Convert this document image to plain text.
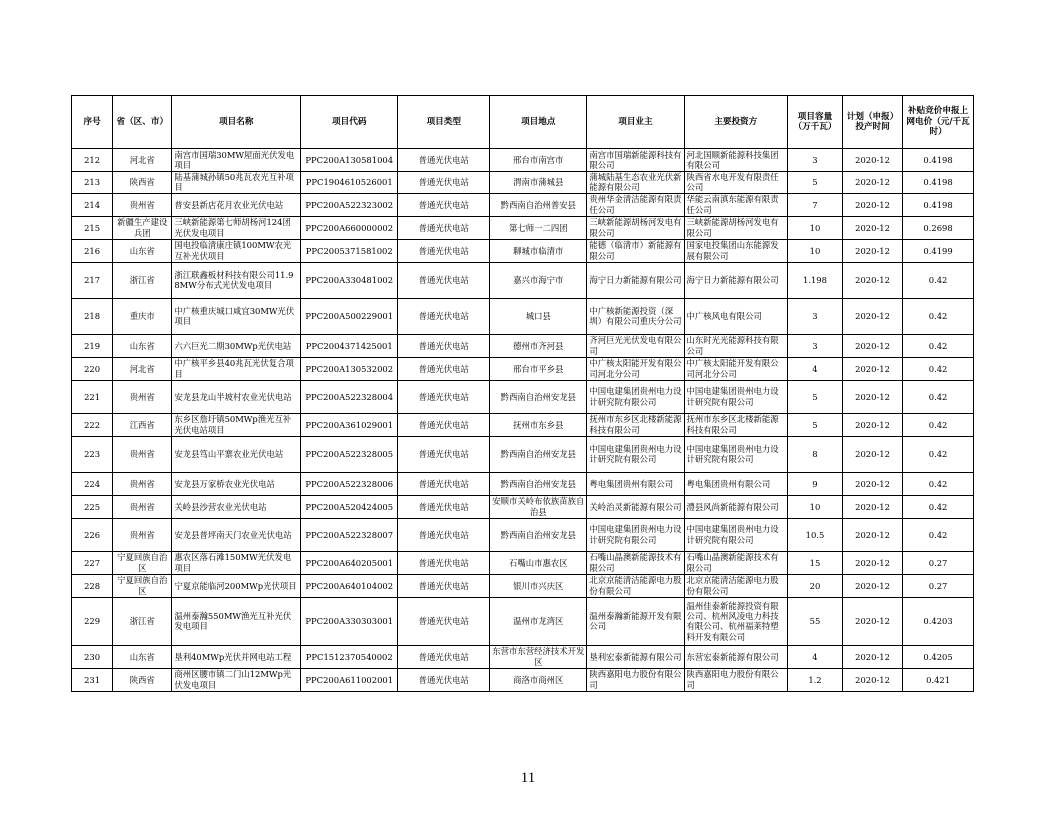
序号	省（区、市）	项目名称	项目代码	项目类型	项目地点	项目业主	主要投资方	项目容量（万千瓦）	计划（申报）投产时间	补贴竞价申报上网电价（元/千瓦时）
212	河北省	南宫市国瑞30MW屋面光伏发电项目	PPC200A130581004	普通光伏电站	邢台市南宫市	南宫市国瑞新能源科技有限公司	河北国顺新能源科技集团有限公司	3	2020-12	0.4198
213	陕西省	陆基蒲城孙镇50兆瓦农光互补项目	PPC1904610526001	普通光伏电站	渭南市蒲城县	蒲城陆基生态农业光伏新能源有限公司	陕西省水电开发有限责任公司	5	2020-12	0.4198
214	贵州省	普安县新店花月农业光伏电站	PPC200A522323002	普通光伏电站	黔西南自治州普安县	贵州华金清洁能源有限责任公司	华能云南滇东能源有限责任公司	7	2020-12	0.4198
215	新疆生产建设兵团	三峡新能源第七师胡杨河124团光伏发电项目	PPC200A660000002	普通光伏电站	第七师一二四团	三峡新能源胡杨河发电有限公司	三峡新能源胡杨河发电有限公司	10	2020-12	0.2698
216	山东省	国电投临清康庄镇100MW农光互补光伏项目	PPC2005371581002	普通光伏电站	聊城市临清市	能德（临清市）新能源有限公司	国家电投集团山东能源发展有限公司	10	2020-12	0.4199
217	浙江省	浙江联鑫板材科技有限公司11.98MW分布式光伏发电项目	PPC200A330481002	普通光伏电站	嘉兴市海宁市	海宁日力新能源有限公司	海宁日力新能源有限公司	1.198	2020-12	0.42
218	重庆市	中广核重庆城口咸宜30MW光伏项目	PPC200A500229001	普通光伏电站	城口县	中广核新能源投资（深圳）有限公司重庆分公司	中广核风电有限公司	3	2020-12	0.42
219	山东省	六六巨光二期30MWp光伏电站	PPC2004371425001	普通光伏电站	德州市齐河县	齐河巨光光伏发电有限公司	山东时光光能源科技有限公司	3	2020-12	0.42
220	河北省	中广核平乡县40兆瓦光伏复合项目	PPC200A130532002	普通光伏电站	邢台市平乡县	中广核太阳能开发有限公司河北分公司	中广核太阳能开发有限公司河北分公司	4	2020-12	0.42
221	贵州省	安龙县龙山半坡村农业光伏电站	PPC200A522328004	普通光伏电站	黔西南自治州安龙县	中国电建集团贵州电力设计研究院有限公司	中国电建集团贵州电力设计研究院有限公司	5	2020-12	0.42
222	江西省	东乡区詹圩镇50MWp渔光互补光伏电站项目	PPC200A361029001	普通光伏电站	抚州市东乡县	抚州市东乡区北楼新能源科技有限公司	抚州市东乡区北楼新能源科技有限公司	5	2020-12	0.42
223	贵州省	安龙县笃山平寨农业光伏电站	PPC200A522328005	普通光伏电站	黔西南自治州安龙县	中国电建集团贵州电力设计研究院有限公司	中国电建集团贵州电力设计研究院有限公司	8	2020-12	0.42
224	贵州省	安龙县万家桥农业光伏电站	PPC200A522328006	普通光伏电站	黔西南自治州安龙县	粤电集团贵州有限公司	粤电集团贵州有限公司	9	2020-12	0.42
225	贵州省	关岭县沙营农业光伏电站	PPC200A520424005	普通光伏电站	安顺市关岭布依族苗族自治县	关岭治灵新能源有限公司	澧县风尚新能源有限公司	10	2020-12	0.42
226	贵州省	安龙县普坪南天门农业光伏电站	PPC200A522328007	普通光伏电站	黔西南自治州安龙县	中国电建集团贵州电力设计研究院有限公司	中国电建集团贵州电力设计研究院有限公司	10.5	2020-12	0.42
227	宁夏回族自治区	惠农区落石滩150MW光伏发电项目	PPC200A640205001	普通光伏电站	石嘴山市惠农区	石嘴山晶澳新能源技术有限公司	石嘴山晶澳新能源技术有限公司	15	2020-12	0.27
228	宁夏回族自治区	宁夏京能临河200MWp光伏项目	PPC200A640104002	普通光伏电站	银川市兴庆区	北京京能清洁能源电力股份有限公司	北京京能清洁能源电力股份有限公司	20	2020-12	0.27
229	浙江省	温州泰瀚550MW渔光互补光伏发电项目	PPC200A330303001	普通光伏电站	温州市龙湾区	温州泰瀚新能源开发有限公司	温州佳泰新能源投资有限公司、杭州风凌电力科技有限公司、杭州福莱特塑料开发有限公司	55	2020-12	0.4203
230	山东省	垦利40MWp光伏并网电站工程	PPC1512370540002	普通光伏电站	东营市东营经济技术开发区	垦利宏泰新能源有限公司	东营宏泰新能源有限公司	4	2020-12	0.4205
231	陕西省	商州区腰市镇二门山12MWp光伏发电项目	PPC200A611002001	普通光伏电站	商洛市商州区	陕西嘉阳电力股份有限公司	陕西嘉阳电力股份有限公司	1.2	2020-12	0.421
11
